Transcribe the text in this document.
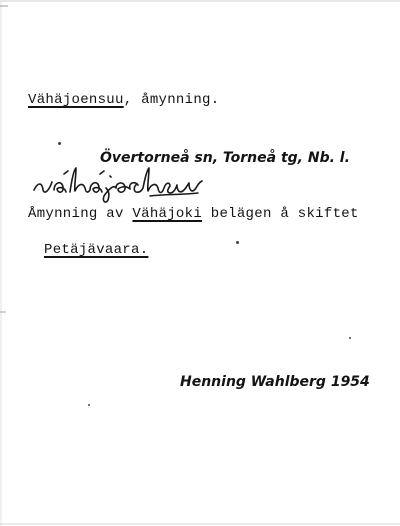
Vähäjoensuu, åmynning.
Övertorneå sn, Torneå tg, Nb. l.
Åmynning av Vähäjoki belägen å skiftet
Petäjävaara.
Henning Wahlberg 1954
